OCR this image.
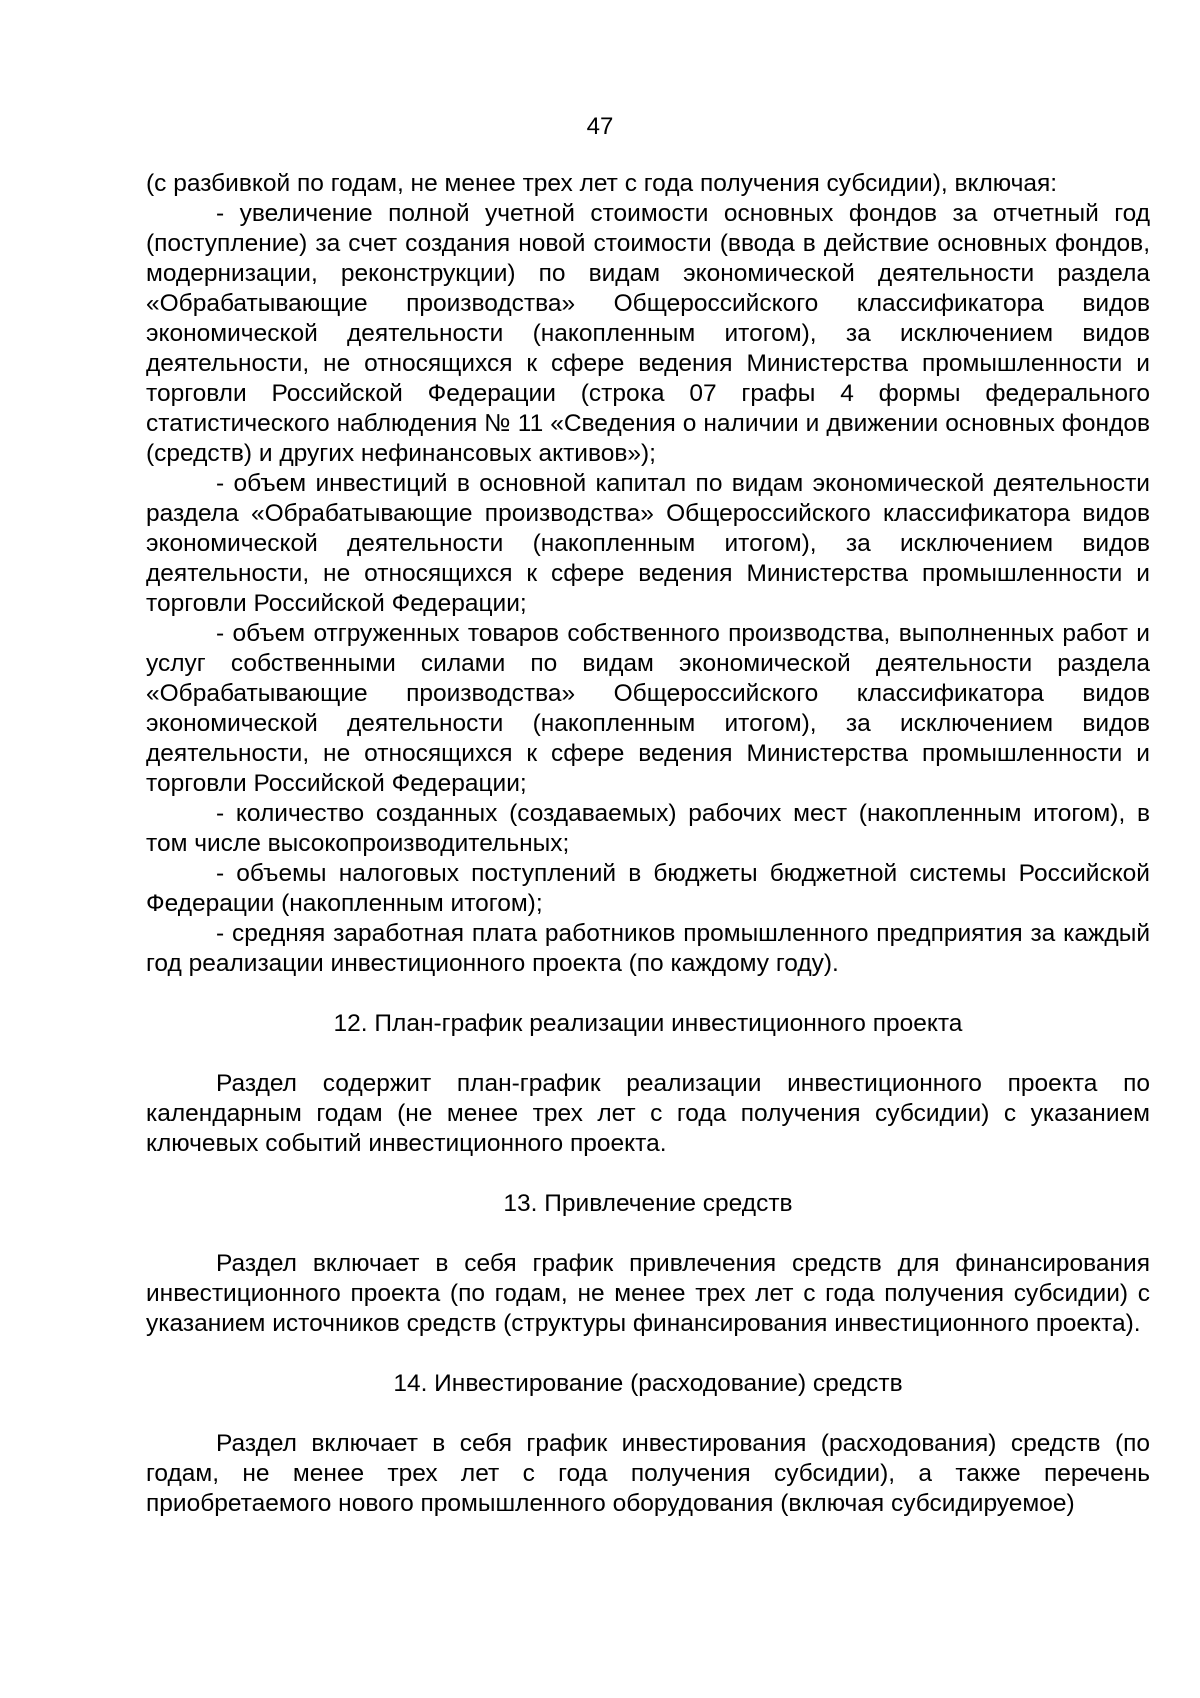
47

(с разбивкой по годам, не менее трех лет с года получения субсидии), включая:

- увеличение полной учетной стоимости основных фондов за отчетный год (поступление) за счет создания новой стоимости (ввода в действие основных фондов, модернизации, реконструкции) по видам экономической деятельности раздела «Обрабатывающие производства» Общероссийского классификатора видов экономической деятельности (накопленным итогом), за исключением видов деятельности, не относящихся к сфере ведения Министерства промышленности и торговли Российской Федерации (строка 07 графы 4 формы федерального статистического наблюдения № 11 «Сведения о наличии и движении основных фондов (средств) и других нефинансовых активов»);

- объем инвестиций в основной капитал по видам экономической деятельности раздела «Обрабатывающие производства» Общероссийского классификатора видов экономической деятельности (накопленным итогом), за исключением видов деятельности, не относящихся к сфере ведения Министерства промышленности и торговли Российской Федерации;

- объем отгруженных товаров собственного производства, выполненных работ и услуг собственными силами по видам экономической деятельности раздела «Обрабатывающие производства» Общероссийского классификатора видов экономической деятельности (накопленным итогом), за исключением видов деятельности, не относящихся к сфере ведения Министерства промышленности и торговли Российской Федерации;

- количество созданных (создаваемых) рабочих мест (накопленным итогом), в том числе высокопроизводительных;

- объемы налоговых поступлений в бюджеты бюджетной системы Российской Федерации (накопленным итогом);

- средняя заработная плата работников промышленного предприятия за каждый год реализации инвестиционного проекта (по каждому году).

12. План-график реализации инвестиционного проекта

Раздел содержит план-график реализации инвестиционного проекта по календарным годам (не менее трех лет с года получения субсидии) с указанием ключевых событий инвестиционного проекта.

13. Привлечение средств

Раздел включает в себя график привлечения средств для финансирования инвестиционного проекта (по годам, не менее трех лет с года получения субсидии) с указанием источников средств (структуры финансирования инвестиционного проекта).

14. Инвестирование (расходование) средств

Раздел включает в себя график инвестирования (расходования) средств (по годам, не менее трех лет с года получения субсидии), а также перечень приобретаемого нового промышленного оборудования (включая субсидируемое)
